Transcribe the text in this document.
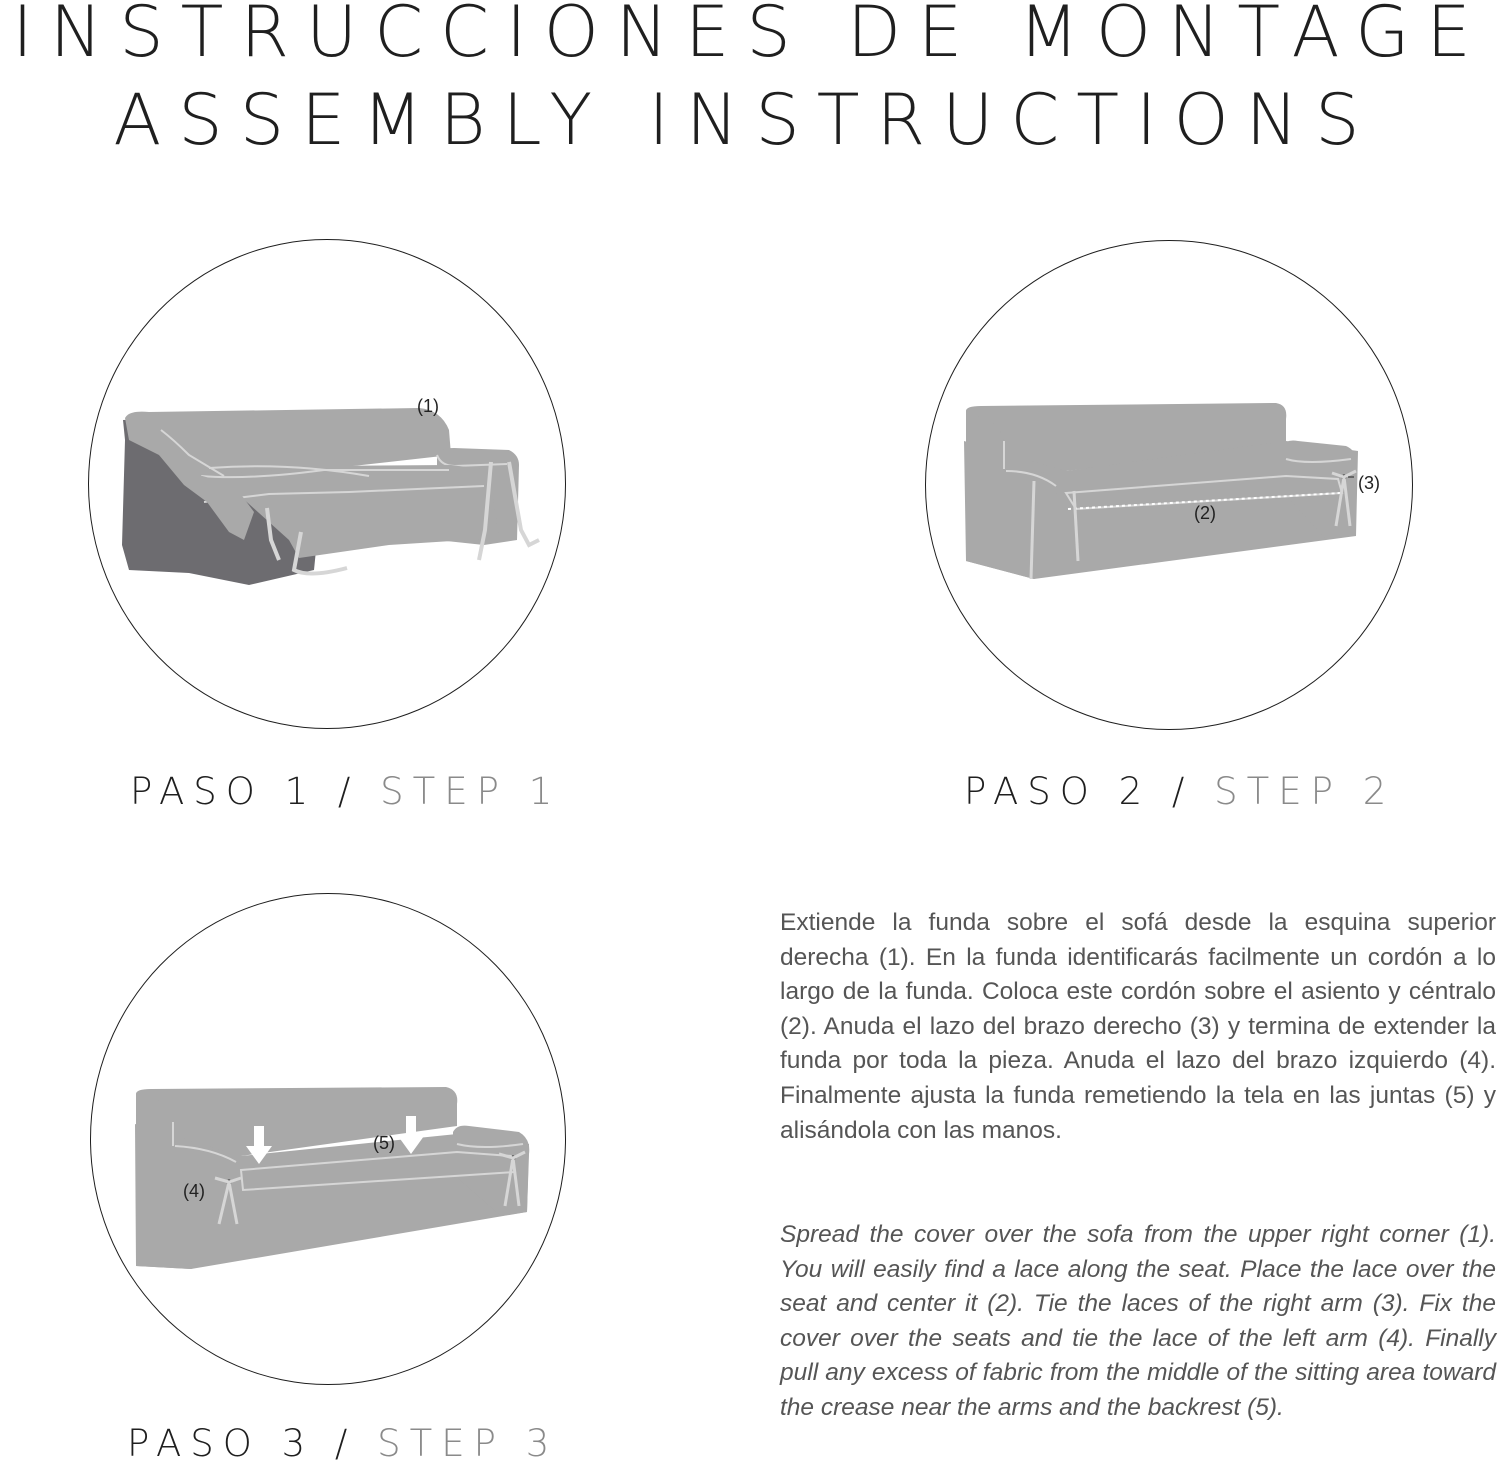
INSTRUCCIONES DE MONTAGE
ASSEMBLY INSTRUCTIONS
(1)
PASO 1 / STEP 1
(3)
(2)
PASO 2 / STEP 2
(5)
(4)
PASO 3 / STEP 3

Extiende la funda sobre el sofá desde la esquina superior derecha (1). En la funda identificarás facilmente un cordón a lo largo de la funda. Coloca este cordón sobre el asiento y céntralo (2). Anuda el lazo del brazo derecho (3) y termina de extender la funda por toda la pieza. Anuda el lazo del brazo izquierdo (4). Finalmente ajusta la funda remetiendo la tela en las juntas (5) y alisándola con las manos.

Spread the cover over the sofa from the upper right corner (1). You will easily find a lace along the seat. Place the lace over the seat and center it (2). Tie the laces of the right arm (3). Fix the cover over the seats and tie the lace of the left arm (4). Finally pull any excess of fabric from the middle of the sitting area toward the crease near the arms and the backrest (5).
